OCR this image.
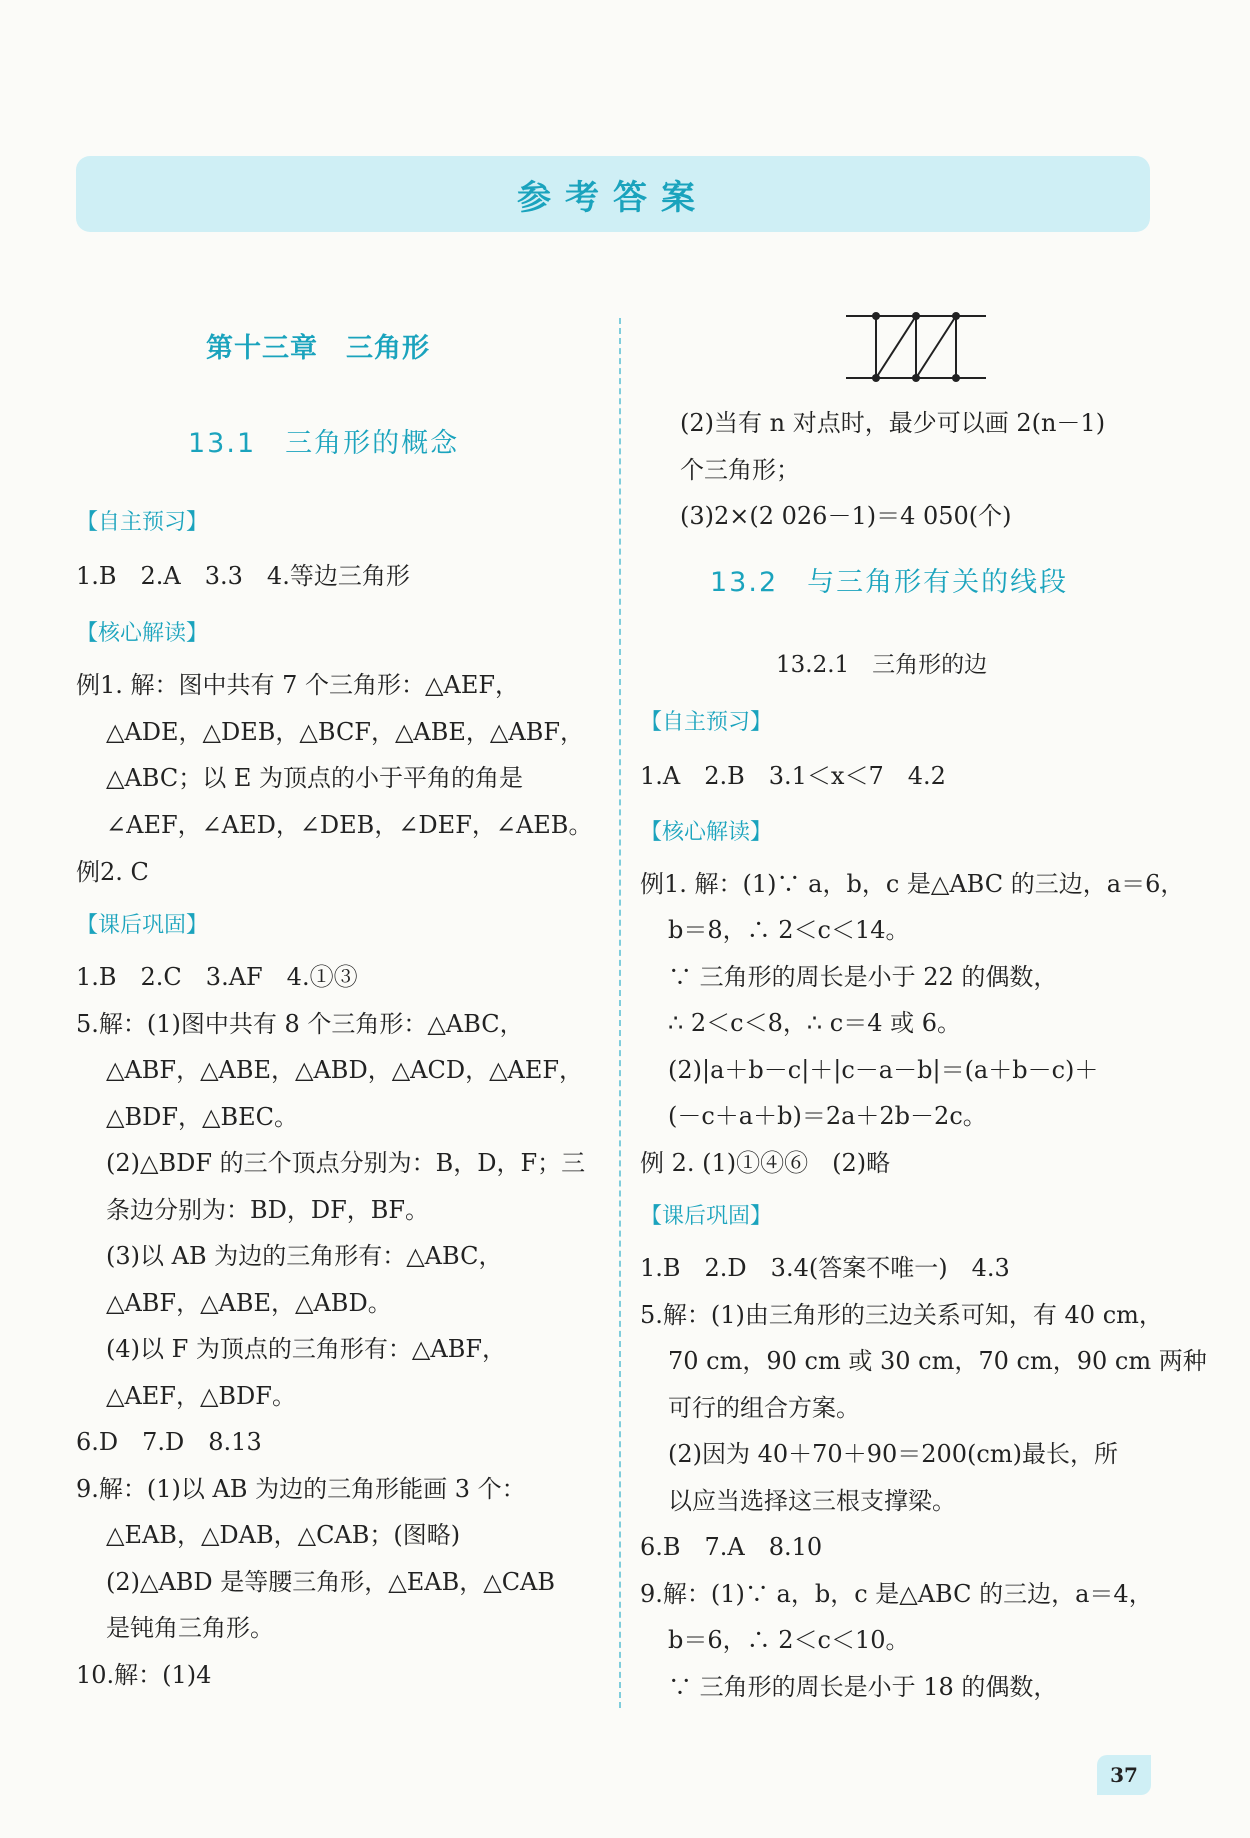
参考答案
第十三章　三角形
13.1　三角形的概念
【自主预习】
1.B　2.A　3.3　4.等边三角形
【核心解读】
例1. 解：图中共有 7 个三角形：△AEF，
△ADE，△DEB，△BCF，△ABE，△ABF，
△ABC；以 E 为顶点的小于平角的角是
∠AEF，∠AED，∠DEB，∠DEF，∠AEB。
例2. C
【课后巩固】
1.B　2.C　3.AF　4.①③
5.解：(1)图中共有 8 个三角形：△ABC，
△ABF，△ABE，△ABD，△ACD，△AEF，
△BDF，△BEC。
(2)△BDF 的三个顶点分别为：B，D，F；三
条边分别为：BD，DF，BF。
(3)以 AB 为边的三角形有：△ABC，
△ABF，△ABE，△ABD。
(4)以 F 为顶点的三角形有：△ABF，
△AEF，△BDF。
6.D　7.D　8.13
9.解：(1)以 AB 为边的三角形能画 3 个：
△EAB，△DAB，△CAB；(图略)
(2)△ABD 是等腰三角形，△EAB，△CAB
是钝角三角形。
10.解：(1)4
(2)当有 n 对点时，最少可以画 2(n－1)
个三角形；
(3)2×(2 026－1)＝4 050(个)
13.2　与三角形有关的线段
13.2.1　三角形的边
【自主预习】
1.A　2.B　3.1＜x＜7　4.2
【核心解读】
例1. 解：(1)∵ a，b，c 是△ABC 的三边，a＝6，
b＝8，∴ 2＜c＜14。
∵ 三角形的周长是小于 22 的偶数，
∴ 2＜c＜8，∴ c＝4 或 6。
(2)|a＋b－c|＋|c－a－b|＝(a＋b－c)＋
(－c＋a＋b)＝2a＋2b－2c。
例 2. (1)①④⑥　(2)略
【课后巩固】
1.B　2.D　3.4(答案不唯一)　4.3
5.解：(1)由三角形的三边关系可知，有 40 cm，
70 cm，90 cm 或 30 cm，70 cm，90 cm 两种
可行的组合方案。
(2)因为 40＋70＋90＝200(cm)最长，所
以应当选择这三根支撑梁。
6.B　7.A　8.10
9.解：(1)∵ a，b，c 是△ABC 的三边，a＝4，
b＝6，∴ 2＜c＜10。
∵ 三角形的周长是小于 18 的偶数，
37
